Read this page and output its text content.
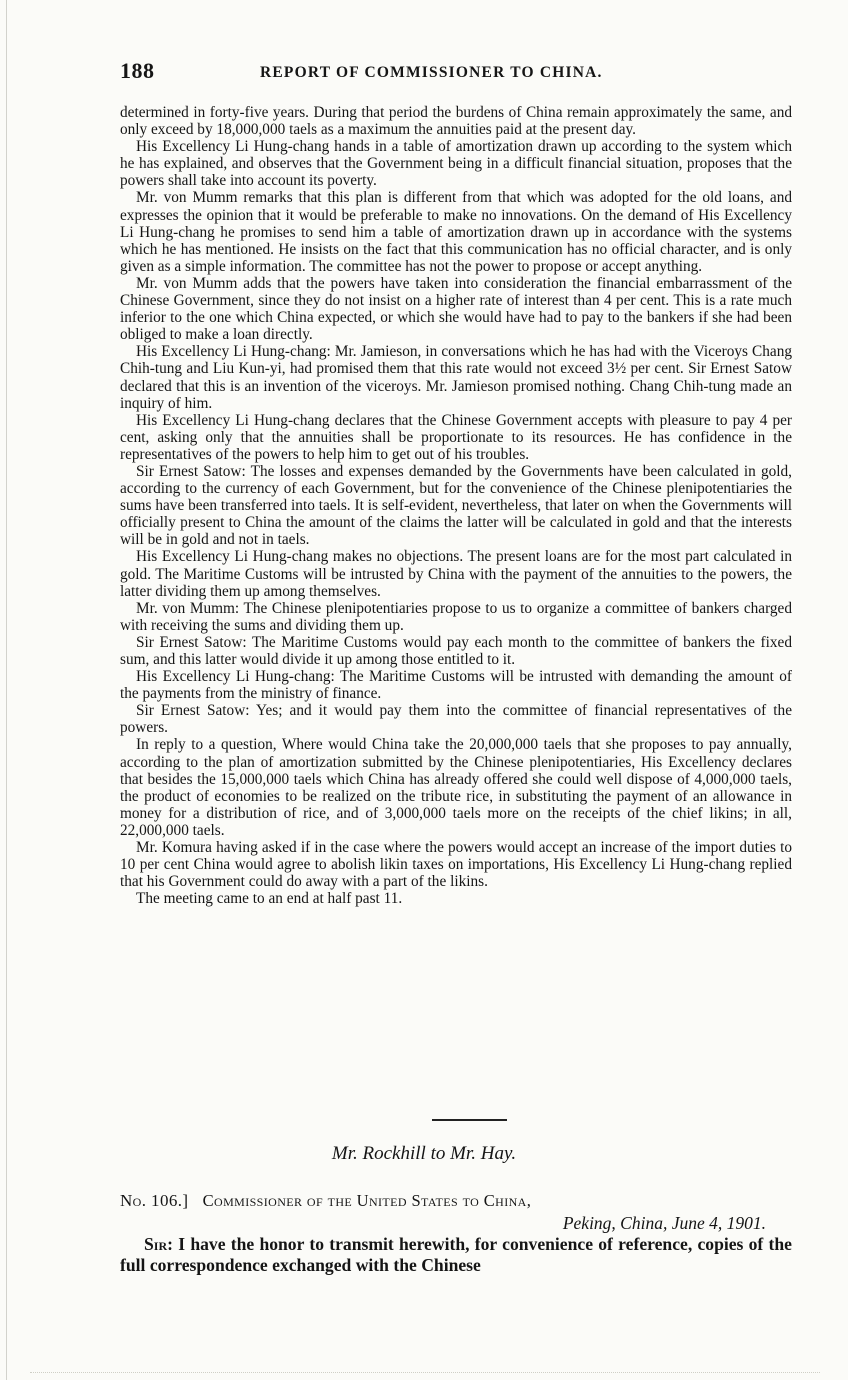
188	REPORT OF COMMISSIONER TO CHINA.

determined in forty-five years. During that period the burdens of China remain approximately the same, and only exceed by 18,000,000 taels as a maximum the annuities paid at the present day.

His Excellency Li Hung-chang hands in a table of amortization drawn up according to the system which he has explained, and observes that the Government being in a difficult financial situation, proposes that the powers shall take into account its poverty.

Mr. von Mumm remarks that this plan is different from that which was adopted for the old loans, and expresses the opinion that it would be preferable to make no innovations. On the demand of His Excellency Li Hung-chang he promises to send him a table of amortization drawn up in accordance with the systems which he has mentioned. He insists on the fact that this communication has no official character, and is only given as a simple information. The committee has not the power to propose or accept anything.

Mr. von Mumm adds that the powers have taken into consideration the financial embarrassment of the Chinese Government, since they do not insist on a higher rate of interest than 4 per cent. This is a rate much inferior to the one which China expected, or which she would have had to pay to the bankers if she had been obliged to make a loan directly.

His Excellency Li Hung-chang: Mr. Jamieson, in conversations which he has had with the Viceroys Chang Chih-tung and Liu Kun-yi, had promised them that this rate would not exceed 3½ per cent. Sir Ernest Satow declared that this is an invention of the viceroys. Mr. Jamieson promised nothing. Chang Chih-tung made an inquiry of him.

His Excellency Li Hung-chang declares that the Chinese Government accepts with pleasure to pay 4 per cent, asking only that the annuities shall be proportionate to its resources. He has confidence in the representatives of the powers to help him to get out of his troubles.

Sir Ernest Satow: The losses and expenses demanded by the Governments have been calculated in gold, according to the currency of each Government, but for the convenience of the Chinese plenipotentiaries the sums have been transferred into taels. It is self-evident, nevertheless, that later on when the Governments will officially present to China the amount of the claims the latter will be calculated in gold and that the interests will be in gold and not in taels.

His Excellency Li Hung-chang makes no objections. The present loans are for the most part calculated in gold. The Maritime Customs will be intrusted by China with the payment of the annuities to the powers, the latter dividing them up among themselves.

Mr. von Mumm: The Chinese plenipotentiaries propose to us to organize a committee of bankers charged with receiving the sums and dividing them up.

Sir Ernest Satow: The Maritime Customs would pay each month to the committee of bankers the fixed sum, and this latter would divide it up among those entitled to it.

His Excellency Li Hung-chang: The Maritime Customs will be intrusted with demanding the amount of the payments from the ministry of finance.

Sir Ernest Satow: Yes; and it would pay them into the committee of financial representatives of the powers.

In reply to a question, Where would China take the 20,000,000 taels that she proposes to pay annually, according to the plan of amortization submitted by the Chinese plenipotentiaries, His Excellency declares that besides the 15,000,000 taels which China has already offered she could well dispose of 4,000,000 taels, the product of economies to be realized on the tribute rice, in substituting the payment of an allowance in money for a distribution of rice, and of 3,000,000 taels more on the receipts of the chief likins; in all, 22,000,000 taels.

Mr. Komura having asked if in the case where the powers would accept an increase of the import duties to 10 per cent China would agree to abolish likin taxes on importations, His Excellency Li Hung-chang replied that his Government could do away with a part of the likins.

The meeting came to an end at half past 11.

Mr. Rockhill to Mr. Hay.
No. 106.] Commissioner of the United States to China,
Peking, China, June 4, 1901.

Sir: I have the honor to transmit herewith, for convenience of reference, copies of the full correspondence exchanged with the Chinese
